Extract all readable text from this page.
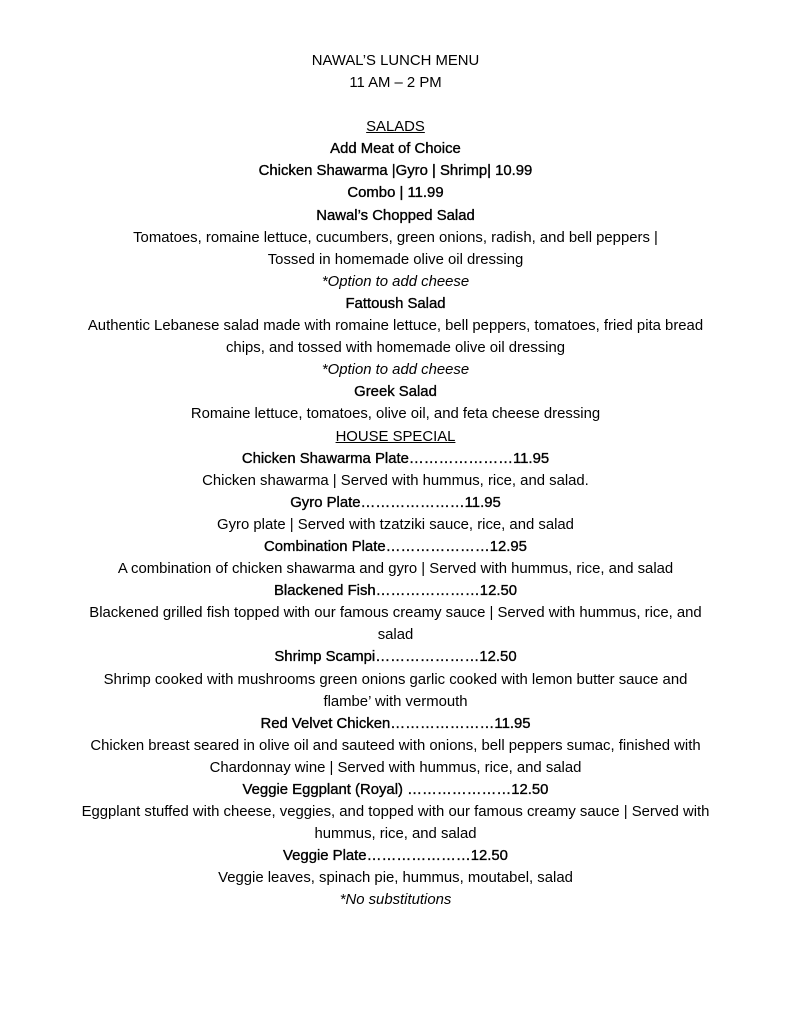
NAWAL’S LUNCH MENU
11 AM – 2 PM
SALADS
Add Meat of Choice
Chicken Shawarma |Gyro | Shrimp| 10.99
Combo | 11.99
Nawal’s Chopped Salad
Tomatoes, romaine lettuce, cucumbers, green onions, radish, and bell peppers |
Tossed in homemade olive oil dressing
*Option to add cheese
Fattoush Salad
Authentic Lebanese salad made with romaine lettuce, bell peppers, tomatoes, fried pita bread
chips, and tossed with homemade olive oil dressing
*Option to add cheese
Greek Salad
Romaine lettuce, tomatoes, olive oil, and feta cheese dressing
HOUSE SPECIAL
Chicken Shawarma Plate…………………11.95
Chicken shawarma | Served with hummus, rice, and salad.
Gyro Plate…………………11.95
Gyro plate | Served with tzatziki sauce, rice, and salad
Combination Plate…………………12.95
A combination of chicken shawarma and gyro | Served with hummus, rice, and salad
Blackened Fish…………………12.50
Blackened grilled fish topped with our famous creamy sauce | Served with hummus, rice, and
salad
Shrimp Scampi…………………12.50
Shrimp cooked with mushrooms green onions garlic cooked with lemon butter sauce and
flambe’ with vermouth
Red Velvet Chicken…………………11.95
Chicken breast seared in olive oil and sauteed with onions, bell peppers sumac, finished with
Chardonnay wine | Served with hummus, rice, and salad
Veggie Eggplant (Royal) …………………12.50
Eggplant stuffed with cheese, veggies, and topped with our famous creamy sauce | Served with
hummus, rice, and salad
Veggie Plate…………………12.50
Veggie leaves, spinach pie, hummus, moutabel, salad
*No substitutions
